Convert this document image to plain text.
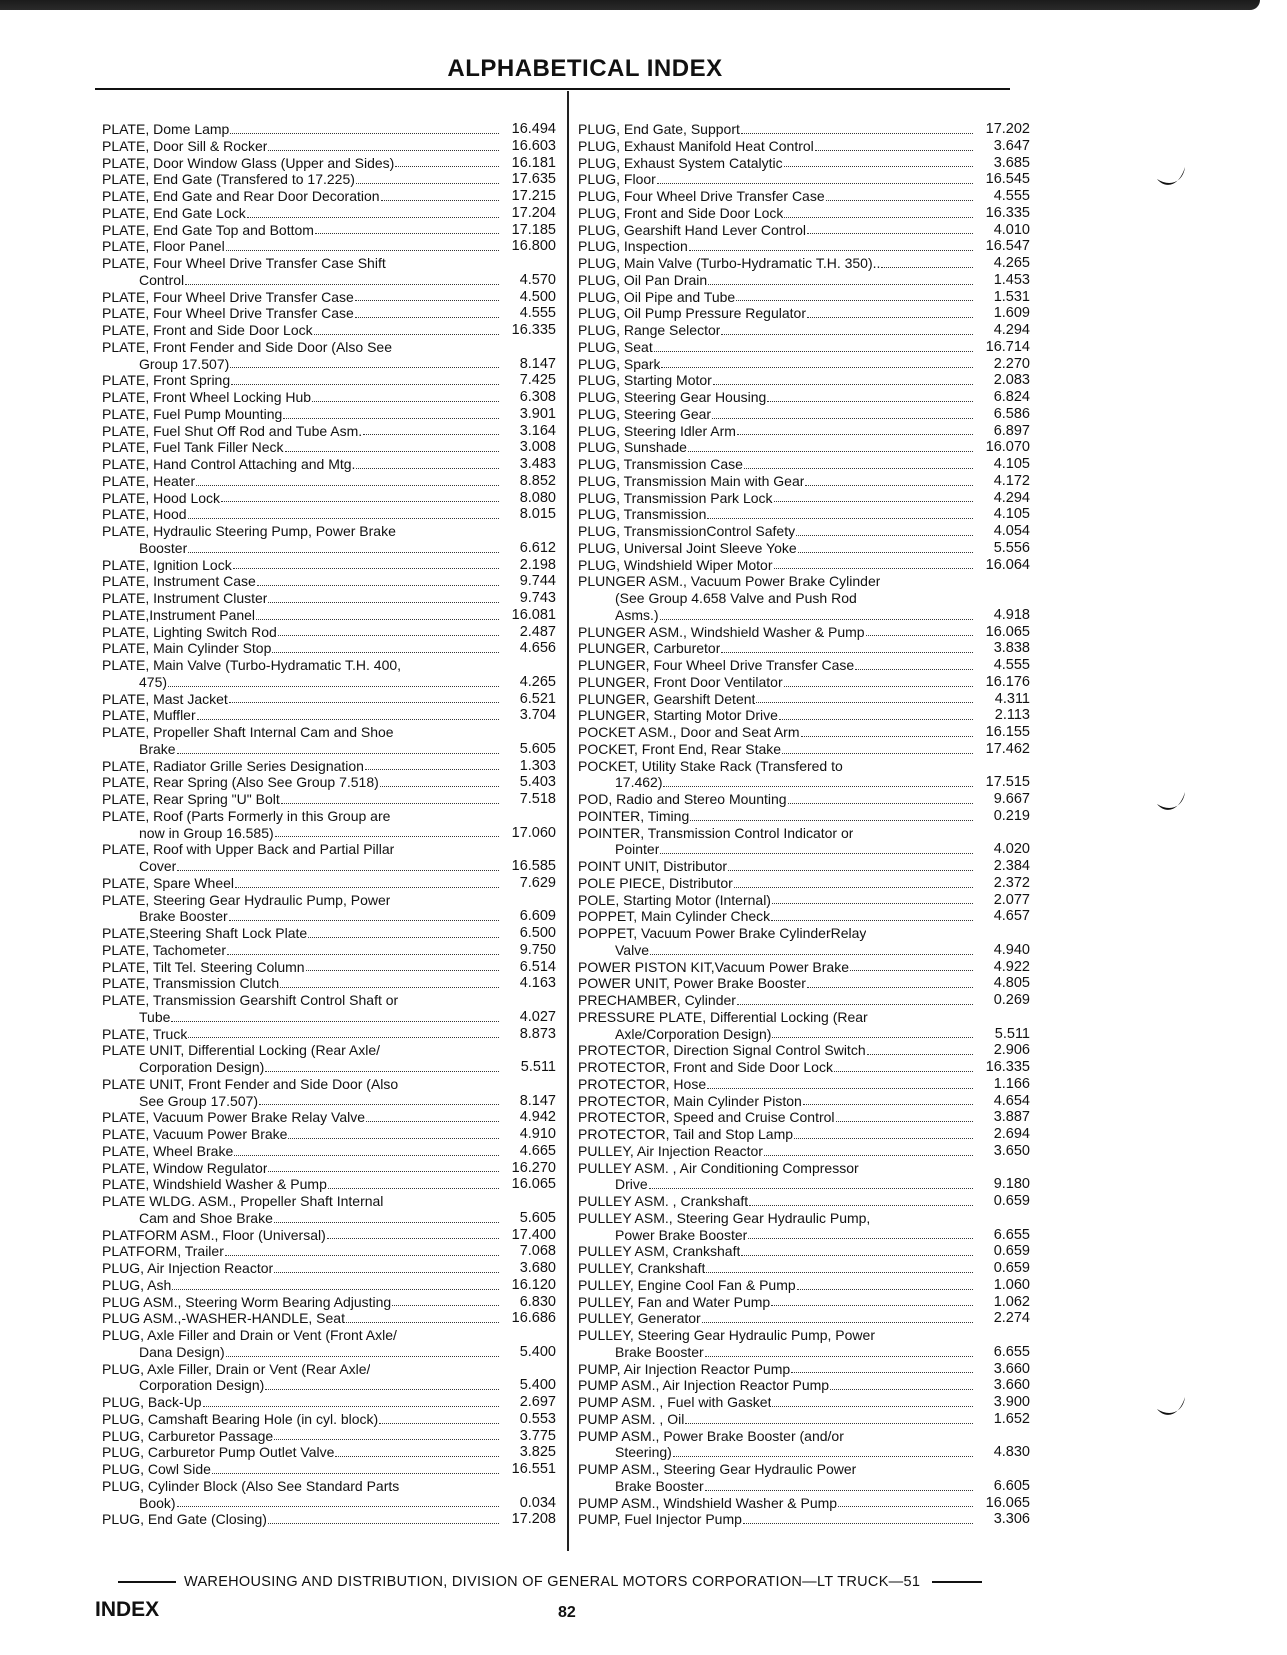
ALPHABETICAL INDEX
PLATE, Dome Lamp	16.494
PLATE, Door Sill & Rocker	16.603
PLATE, Door Window Glass (Upper and Sides)	16.181
PLATE, End Gate (Transfered to 17.225)	17.635
PLATE, End Gate and Rear Door Decoration	17.215
PLATE, End Gate Lock	17.204
PLATE, End Gate Top and Bottom	17.185
PLATE, Floor Panel	16.800
PLATE, Four Wheel Drive Transfer Case Shift
Control	4.570
PLATE, Four Wheel Drive Transfer Case	4.500
PLATE, Four Wheel Drive Transfer Case	4.555
PLATE, Front and Side Door Lock	16.335
PLATE, Front Fender and Side Door (Also See
Group 17.507)	8.147
PLATE, Front Spring	7.425
PLATE, Front Wheel Locking Hub	6.308
PLATE, Fuel Pump Mounting	3.901
PLATE, Fuel Shut Off Rod and Tube Asm.	3.164
PLATE, Fuel Tank Filler Neck	3.008
PLATE, Hand Control Attaching and Mtg.	3.483
PLATE, Heater	8.852
PLATE, Hood Lock	8.080
PLATE, Hood	8.015
PLATE, Hydraulic Steering Pump, Power Brake
Booster	6.612
PLATE, Ignition Lock	2.198
PLATE, Instrument Case	9.744
PLATE, Instrument Cluster	9.743
PLATE,Instrument Panel	16.081
PLATE, Lighting Switch Rod	2.487
PLATE, Main Cylinder Stop	4.656
PLATE, Main Valve (Turbo-Hydramatic T.H. 400,
475)	4.265
PLATE, Mast Jacket	6.521
PLATE, Muffler	3.704
PLATE, Propeller Shaft Internal Cam and Shoe
Brake	5.605
PLATE, Radiator Grille Series Designation	1.303
PLATE, Rear Spring (Also See Group 7.518)	5.403
PLATE, Rear Spring "U" Bolt	7.518
PLATE, Roof (Parts Formerly in this Group are
now in Group 16.585)	17.060
PLATE, Roof with Upper Back and Partial Pillar
Cover	16.585
PLATE, Spare Wheel	7.629
PLATE, Steering Gear Hydraulic Pump, Power
Brake Booster	6.609
PLATE,Steering Shaft Lock Plate	6.500
PLATE, Tachometer	9.750
PLATE, Tilt Tel. Steering Column	6.514
PLATE, Transmission Clutch	4.163
PLATE, Transmission Gearshift Control Shaft or
Tube	4.027
PLATE, Truck	8.873
PLATE UNIT, Differential Locking (Rear Axle/
Corporation Design)	5.511
PLATE UNIT, Front Fender and Side Door (Also
See Group 17.507)	8.147
PLATE, Vacuum Power Brake Relay Valve	4.942
PLATE, Vacuum Power Brake	4.910
PLATE, Wheel Brake	4.665
PLATE, Window Regulator	16.270
PLATE, Windshield Washer & Pump	16.065
PLATE WLDG. ASM., Propeller Shaft Internal
Cam and Shoe Brake	5.605
PLATFORM ASM., Floor (Universal)	17.400
PLATFORM, Trailer	7.068
PLUG, Air Injection Reactor	3.680
PLUG, Ash	16.120
PLUG ASM., Steering Worm Bearing Adjusting	6.830
PLUG ASM.,-WASHER-HANDLE, Seat	16.686
PLUG, Axle Filler and Drain or Vent (Front Axle/
Dana Design)	5.400
PLUG, Axle Filler, Drain or Vent (Rear Axle/
Corporation Design)	5.400
PLUG, Back-Up	2.697
PLUG, Camshaft Bearing Hole (in cyl. block)	0.553
PLUG, Carburetor Passage	3.775
PLUG, Carburetor Pump Outlet Valve	3.825
PLUG, Cowl Side	16.551
PLUG, Cylinder Block (Also See Standard Parts
Book)	0.034
PLUG, End Gate (Closing)	17.208
PLUG, End Gate, Support	17.202
PLUG, Exhaust Manifold Heat Control	3.647
PLUG, Exhaust System Catalytic	3.685
PLUG, Floor	16.545
PLUG, Four Wheel Drive Transfer Case	4.555
PLUG, Front and Side Door Lock	16.335
PLUG, Gearshift Hand Lever Control	4.010
PLUG, Inspection	16.547
PLUG, Main Valve (Turbo-Hydramatic T.H. 350)..	4.265
PLUG, Oil Pan Drain	1.453
PLUG, Oil Pipe and Tube	1.531
PLUG, Oil Pump Pressure Regulator	1.609
PLUG, Range Selector	4.294
PLUG, Seat	16.714
PLUG, Spark	2.270
PLUG, Starting Motor	2.083
PLUG, Steering Gear Housing	6.824
PLUG, Steering Gear	6.586
PLUG, Steering Idler Arm	6.897
PLUG, Sunshade	16.070
PLUG, Transmission Case	4.105
PLUG, Transmission Main with Gear	4.172
PLUG, Transmission Park Lock	4.294
PLUG, Transmission	4.105
PLUG, TransmissionControl Safety	4.054
PLUG, Universal Joint Sleeve Yoke	5.556
PLUG, Windshield Wiper Motor	16.064
PLUNGER ASM., Vacuum Power Brake Cylinder
(See Group 4.658 Valve and Push Rod
Asms.)	4.918
PLUNGER ASM., Windshield Washer & Pump	16.065
PLUNGER, Carburetor	3.838
PLUNGER, Four Wheel Drive Transfer Case	4.555
PLUNGER, Front Door Ventilator	16.176
PLUNGER, Gearshift Detent	4.311
PLUNGER, Starting Motor Drive	2.113
POCKET ASM., Door and Seat Arm	16.155
POCKET, Front End, Rear Stake	17.462
POCKET, Utility Stake Rack (Transfered to
17.462)	17.515
POD, Radio and Stereo Mounting	9.667
POINTER, Timing	0.219
POINTER, Transmission Control Indicator or
Pointer	4.020
POINT UNIT, Distributor	2.384
POLE PIECE, Distributor	2.372
POLE, Starting Motor (Internal)	2.077
POPPET, Main Cylinder Check	4.657
POPPET, Vacuum Power Brake CylinderRelay
Valve	4.940
POWER PISTON KIT,Vacuum Power Brake	4.922
POWER UNIT, Power Brake Booster	4.805
PRECHAMBER, Cylinder	0.269
PRESSURE PLATE, Differential Locking (Rear
Axle/Corporation Design)	5.511
PROTECTOR, Direction Signal Control Switch	2.906
PROTECTOR, Front and Side Door Lock	16.335
PROTECTOR, Hose	1.166
PROTECTOR, Main Cylinder Piston	4.654
PROTECTOR, Speed and Cruise Control	3.887
PROTECTOR, Tail and Stop Lamp	2.694
PULLEY, Air Injection Reactor	3.650
PULLEY ASM. , Air Conditioning Compressor
Drive	9.180
PULLEY ASM. , Crankshaft	0.659
PULLEY ASM., Steering Gear Hydraulic Pump,
Power Brake Booster	6.655
PULLEY ASM, Crankshaft	0.659
PULLEY, Crankshaft	0.659
PULLEY, Engine Cool Fan & Pump	1.060
PULLEY, Fan and Water Pump	1.062
PULLEY, Generator	2.274
PULLEY, Steering Gear Hydraulic Pump, Power
Brake Booster	6.655
PUMP, Air Injection Reactor Pump	3.660
PUMP ASM., Air Injection Reactor Pump	3.660
PUMP ASM. , Fuel with Gasket	3.900
PUMP ASM. , Oil	1.652
PUMP ASM., Power Brake Booster (and/or
Steering)	4.830
PUMP ASM., Steering Gear Hydraulic Power
Brake Booster	6.605
PUMP ASM., Windshield Washer & Pump	16.065
PUMP, Fuel Injector Pump	3.306
WAREHOUSING AND DISTRIBUTION, DIVISION OF GENERAL MOTORS CORPORATION—LT TRUCK—51
INDEX	82
